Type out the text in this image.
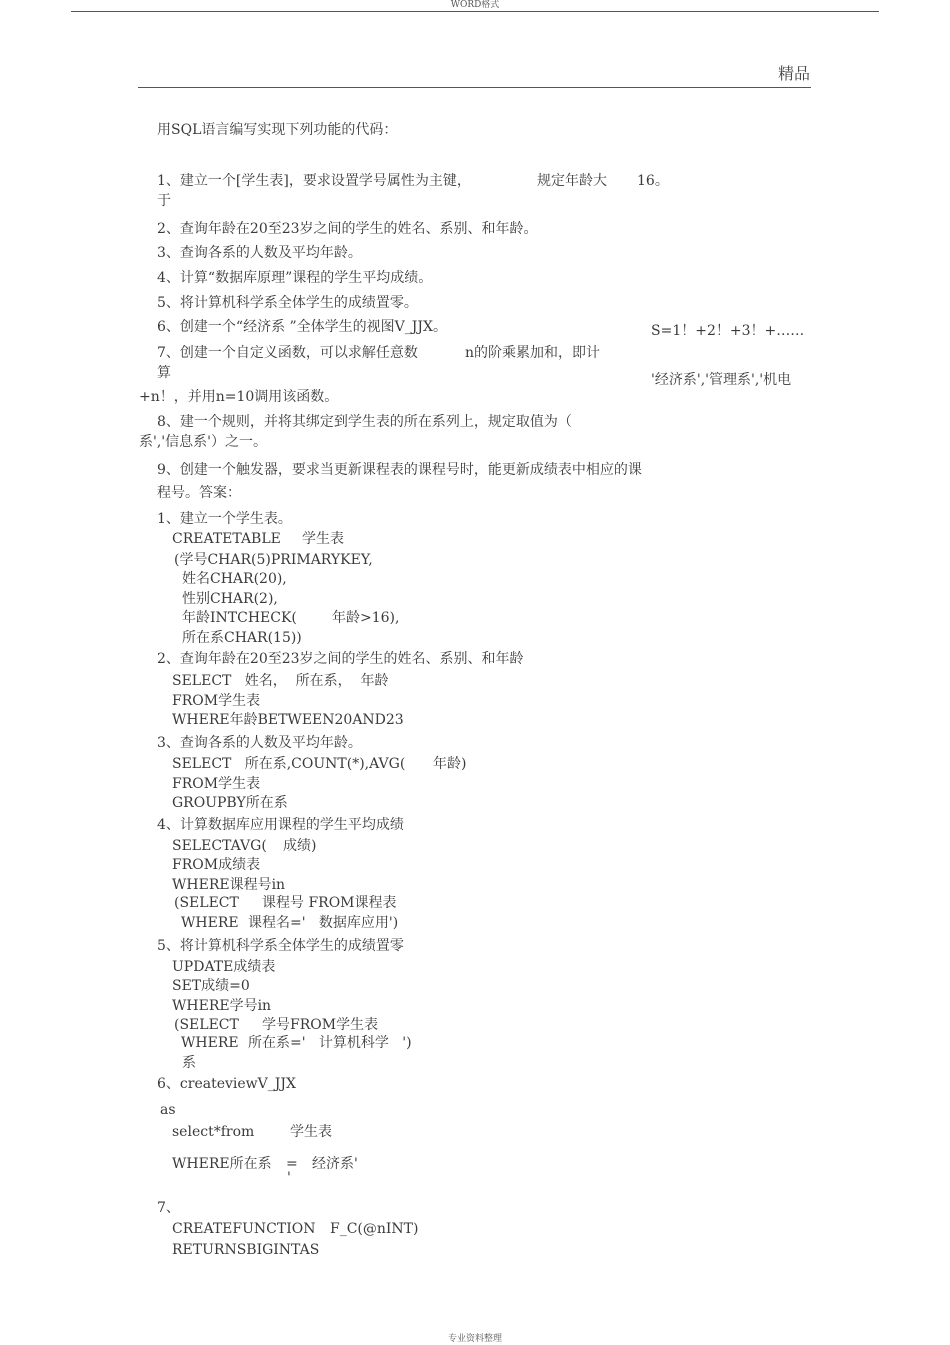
WORD格式
精品
用SQL语言编写实现下列功能的代码：
1、建立一个[学生表]，要求设置学号属性为主键，	规定年龄大 16。
于
2、查询年龄在20至23岁之间的学生的姓名、系别、和年龄。
3、查询各系的人数及平均年龄。
4、计算“数据库原理”课程的学生平均成绩。
5、将计算机科学系全体学生的成绩置零。
6、创建一个“经济系 ”全体学生的视图V_JJX。	S=1！+2！+3！+……
7、创建一个自定义函数，可以求解任意数	n的阶乘累加和，即计
算	'经济系','管理系','机电
+n！，并用n=10调用该函数。
8、建一个规则，并将其绑定到学生表的所在系列上，规定取值为（
系','信息系'）之一。
9、创建一个触发器，要求当更新课程表的课程号时，能更新成绩表中相应的课
程号。答案：
1、建立一个学生表。
CREATETABLE 学生表
(学号CHAR(5)PRIMARYKEY,
姓名CHAR(20),
性别CHAR(2),
年龄INTCHECK(	年龄>16),
所在系CHAR(15))
2、查询年龄在20至23岁之间的学生的姓名、系别、和年龄
SELECT   姓名，  所在系，  年龄
FROM学生表
WHERE年龄BETWEEN20AND23
3、查询各系的人数及平均年龄。
SELECT   所在系,COUNT(*),AVG( 年龄)
FROM学生表
GROUPBY所在系
4、计算数据库应用课程的学生平均成绩
SELECTAVG( 成绩)
FROM成绩表
WHERE课程号in
(SELECT 课程号 FROM课程表
WHERE 课程名='   数据库应用')
5、将计算机科学系全体学生的成绩置零
UPDATE成绩表
SET成绩=0
WHERE学号in
(SELECT 学号FROM学生表
WHERE 所在系='   计算机科学   ')
系
6、createviewV_JJX
as
select*from	学生表
WHERE所在系 = 经济系'
'
7、
CREATEFUNCTION F_C(@nINT)
RETURNSBIGINTAS
专业资料整理
